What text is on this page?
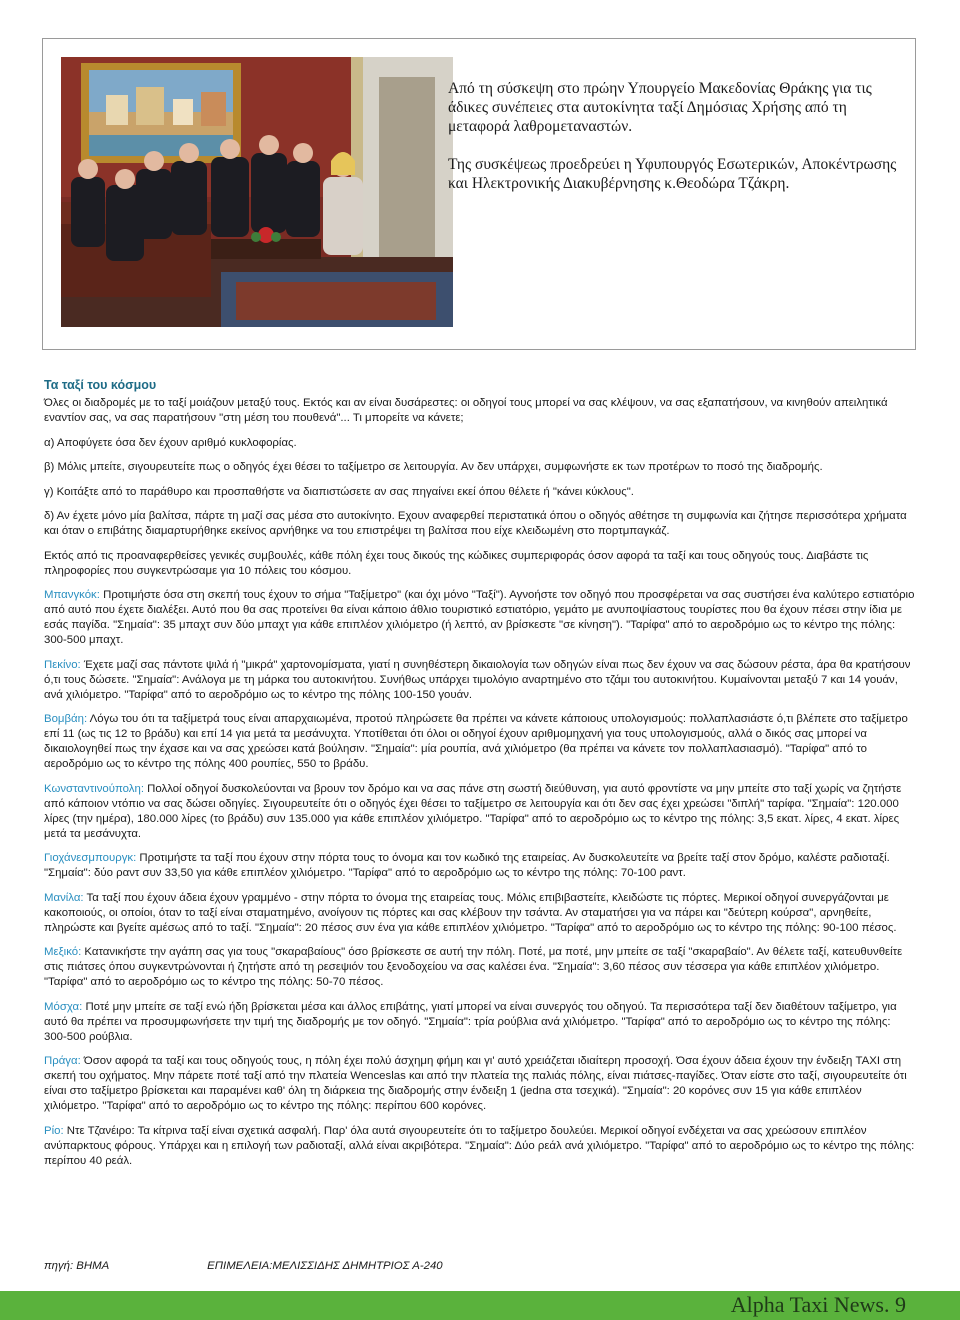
Από τη σύσκεψη στο πρώην Υπουργείο Μακεδονίας Θράκης για τις άδικες συνέπειες στα αυτοκίνητα ταξί Δημόσιας Χρήσης από τη μεταφορά λαθρομεταναστών.

Της συσκέψεως προεδρεύει η Υφυπουργός Εσωτερικών, Αποκέντρωσης και Ηλεκτρονικής Διακυβέρνησης κ.Θεοδώρα Τζάκρη.

Τα ταξί του κόσμου

Όλες οι διαδρομές με το ταξί μοιάζουν μεταξύ τους. Εκτός και αν είναι δυσάρεστες: οι οδηγοί τους μπορεί να σας κλέψουν, να σας εξαπατήσουν, να κινηθούν απειλητικά εναντίον σας, να σας παρατήσουν "στη μέση του πουθενά"... Τι μπορείτε να κάνετε;

α) Αποφύγετε όσα δεν έχουν αριθμό κυκλοφορίας.

β) Μόλις μπείτε, σιγουρευτείτε πως ο οδηγός έχει θέσει το ταξίμετρο σε λειτουργία. Αν δεν υπάρχει, συμφωνήστε εκ των προτέρων το ποσό της διαδρομής.

γ) Κοιτάξτε από το παράθυρο και προσπαθήστε να διαπιστώσετε αν σας πηγαίνει εκεί όπου θέλετε ή "κάνει κύκλους".

δ) Αν έχετε μόνο μία βαλίτσα, πάρτε τη μαζί σας μέσα στο αυτοκίνητο. Εχουν αναφερθεί περιστατικά όπου ο οδηγός αθέτησε τη συμφωνία και ζήτησε περισσότερα χρήματα και όταν ο επιβάτης διαμαρτυρήθηκε εκείνος αρνήθηκε να του επιστρέψει τη βαλίτσα που είχε κλειδωμένη στο πορτμπαγκάζ.

Εκτός από τις προαναφερθείσες γενικές συμβουλές, κάθε πόλη έχει τους δικούς της κώδικες συμπεριφοράς όσον αφορά τα ταξί και τους οδηγούς τους. Διαβάστε τις πληροφορίες που συγκεντρώσαμε για 10 πόλεις του κόσμου.

Μπανγκόκ: Προτιμήστε όσα στη σκεπή τους έχουν το σήμα "Ταξίμετρο" (και όχι μόνο "Ταξί"). Αγνοήστε τον οδηγό που προσφέρεται να σας συστήσει ένα καλύτερο εστιατόριο από αυτό που έχετε διαλέξει. Αυτό που θα σας προτείνει θα είναι κάποιο άθλιο τουριστικό εστιατόριο, γεμάτο με ανυποψίαστους τουρίστες που θα έχουν πέσει στην ίδια με εσάς παγίδα. "Σημαία": 35 μπαχτ συν δύο μπαχτ για κάθε επιπλέον χιλιόμετρο (ή λεπτό, αν βρίσκεστε "σε κίνηση"). "Ταρίφα" από το αεροδρόμιο ως το κέντρο της πόλης: 300-500 μπαχτ.

Πεκίνο: Έχετε μαζί σας πάντοτε ψιλά ή "μικρά" χαρτονομίσματα, γιατί η συνηθέστερη δικαιολογία των οδηγών είναι πως δεν έχουν να σας δώσουν ρέστα, άρα θα κρατήσουν ό,τι τους δώσετε. "Σημαία": Ανάλογα με τη μάρκα του αυτοκινήτου. Συνήθως υπάρχει τιμολόγιο αναρτημένο στο τζάμι του αυτοκινήτου. Κυμαίνονται μεταξύ 7 και 14 γουάν, ανά χιλιόμετρο. "Ταρίφα" από το αεροδρόμιο ως το κέντρο της πόλης 100-150 γουάν.

Βομβάη: Λόγω του ότι τα ταξίμετρά τους είναι απαρχαιωμένα, προτού πληρώσετε θα πρέπει να κάνετε κάποιους υπολογισμούς: πολλαπλασιάστε ό,τι βλέπετε στο ταξίμετρο επί 11 (ως τις 12 το βράδυ) και επί 14 για μετά τα μεσάνυχτα. Υποτίθεται ότι όλοι οι οδηγοί έχουν αριθμομηχανή για τους υπολογισμούς, αλλά ο δικός σας μπορεί να δικαιολογηθεί πως την έχασε και να σας χρεώσει κατά βούλησιν. "Σημαία": μία ρουπία, ανά χιλιόμετρο (θα πρέπει να κάνετε τον πολλαπλασιασμό). "Ταρίφα" από το αεροδρόμιο ως το κέντρο της πόλης 400 ρουπίες, 550 το βράδυ.

Κωνσταντινούπολη: Πολλοί οδηγοί δυσκολεύονται να βρουν τον δρόμο και να σας πάνε στη σωστή διεύθυνση, για αυτό φροντίστε να μην μπείτε στο ταξί χωρίς να ζητήστε από κάποιον ντόπιο να σας δώσει οδηγίες. Σιγουρευτείτε ότι ο οδηγός έχει θέσει το ταξίμετρο σε λειτουργία και ότι δεν σας έχει χρεώσει "διπλή" ταρίφα. "Σημαία": 120.000 λίρες (την ημέρα), 180.000 λίρες (το βράδυ) συν 135.000 για κάθε επιπλέον χιλιόμετρο. "Ταρίφα" από το αεροδρόμιο ως το κέντρο της πόλης: 3,5 εκατ. λίρες, 4 εκατ. λίρες μετά τα μεσάνυχτα.

Γιοχάνεσμπουργκ: Προτιμήστε τα ταξί που έχουν στην πόρτα τους το όνομα και τον κωδικό της εταιρείας. Αν δυσκολευτείτε να βρείτε ταξί στον δρόμο, καλέστε ραδιοταξί. "Σημαία": δύο ραντ συν 33,50 για κάθε επιπλέον χιλιόμετρο. "Ταρίφα" από το αεροδρόμιο ως το κέντρο της πόλης: 70-100 ραντ.

Μανίλα: Τα ταξί που έχουν άδεια έχουν γραμμένο - στην πόρτα το όνομα της εταιρείας τους. Μόλις επιβιβαστείτε, κλειδώστε τις πόρτες. Μερικοί οδηγοί συνεργάζονται με κακοποιούς, οι οποίοι, όταν το ταξί είναι σταματημένο, ανοίγουν τις πόρτες και σας κλέβουν την τσάντα. Αν σταματήσει για να πάρει και "δεύτερη κούρσα", αρνηθείτε, πληρώστε και βγείτε αμέσως από το ταξί. "Σημαία": 20 πέσος συν ένα για κάθε επιπλέον χιλιόμετρο. "Ταρίφα" από το αεροδρόμιο ως το κέντρο της πόλης: 90-100 πέσος.

Μεξικό: Κατανικήστε την αγάπη σας για τους "σκαραβαίους" όσο βρίσκεστε σε αυτή την πόλη. Ποτέ, μα ποτέ, μην μπείτε σε ταξί "σκαραβαίο". Αν θέλετε ταξί, κατευθυνθείτε στις πιάτσες όπου συγκεντρώνονται ή ζητήστε από τη ρεσεψιόν του ξενοδοχείου να σας καλέσει ένα. "Σημαία": 3,60 πέσος συν τέσσερα για κάθε επιπλέον χιλιόμετρο. "Ταρίφα" από το αεροδρόμιο ως το κέντρο της πόλης: 50-70 πέσος.

Μόσχα: Ποτέ μην μπείτε σε ταξί ενώ ήδη βρίσκεται μέσα και άλλος επιβάτης, γιατί μπορεί να είναι συνεργός του οδηγού. Τα περισσότερα ταξί δεν διαθέτουν ταξίμετρο, για αυτό θα πρέπει να προσυμφωνήσετε την τιμή της διαδρομής με τον οδηγό. "Σημαία": τρία ρούβλια ανά χιλιόμετρο. "Ταρίφα" από το αεροδρόμιο ως το κέντρο της πόλης: 300-500 ρούβλια.

Πράγα: Όσον αφορά τα ταξί και τους οδηγούς τους, η πόλη έχει πολύ άσχημη φήμη και γι' αυτό χρειάζεται ιδιαίτερη προσοχή. Όσα έχουν άδεια έχουν την ένδειξη TAXI στη σκεπή του οχήματος. Μην πάρετε ποτέ ταξί από την πλατεία Wenceslas και από την πλατεία της παλιάς πόλης, είναι πιάτσες-παγίδες. Όταν είστε στο ταξί, σιγουρευτείτε ότι είναι στο ταξίμετρο βρίσκεται και παραμένει καθ' όλη τη διάρκεια της διαδρομής στην ένδειξη 1 (jedna στα τσεχικά). "Σημαία": 20 κορόνες συν 15 για κάθε επιπλέον χιλιόμετρο. "Ταρίφα" από το αεροδρόμιο ως το κέντρο της πόλης: περίπου 600 κορόνες.

Ρίο: Ντε Τζανέιρο: Τα κίτρινα ταξί είναι σχετικά ασφαλή. Παρ' όλα αυτά σιγουρευτείτε ότι το ταξίμετρο δουλεύει. Μερικοί οδηγοί ενδέχεται να σας χρεώσουν επιπλέον ανύπαρκτους φόρους. Υπάρχει και η επιλογή των ραδιοταξί, αλλά είναι ακριβότερα. "Σημαία": Δύο ρεάλ ανά χιλιόμετρο. "Ταρίφα" από το αεροδρόμιο ως το κέντρο της πόλης: περίπου 40 ρεάλ.

πηγή: ΒΗΜΑ	ΕΠΙΜΕΛΕΙΑ:ΜΕΛΙΣΣΙΔΗΣ ΔΗΜΗΤΡΙΟΣ Α-240
Alpha Taxi News. 9
